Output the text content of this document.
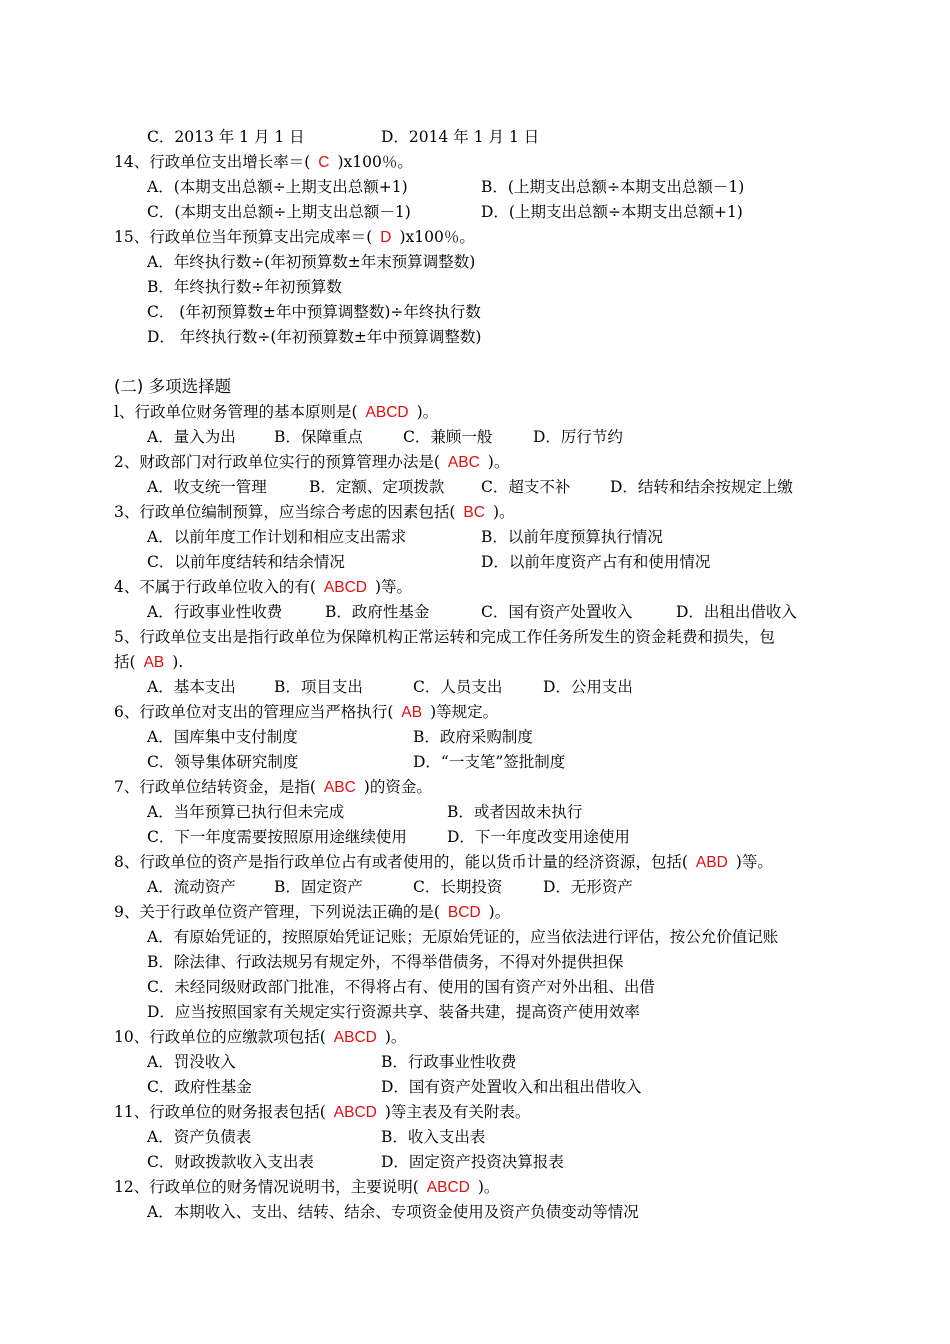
C．2013 年 1 月 1 日	D．2014 年 1 月 1 日
14、行政单位支出增长率＝( C )x100％。
A．(本期支出总额÷上期支出总额+1)	B．(上期支出总额÷本期支出总额－1)
C．(本期支出总额÷上期支出总额－1)	D．(上期支出总额÷本期支出总额+1)
15、行政单位当年预算支出完成率＝( D )x100％。
A．年终执行数÷(年初预算数±年末预算调整数)
B．年终执行数÷年初预算数
C． (年初预算数±年中预算调整数)÷年终执行数
D． 年终执行数÷(年初预算数±年中预算调整数)
(二) 多项选择题
l、行政单位财务管理的基本原则是( ABCD )。
A．量入为出 B．保障重点	C．兼顾一般	D．厉行节约
2、财政部门对行政单位实行的预算管理办法是( ABC )。
A．收支统一管理	B．定额、定项拨款 C．超支不补	D．结转和结余按规定上缴
3、行政单位编制预算，应当综合考虑的因素包括( BC )。
A．以前年度工作计划和相应支出需求	B．以前年度预算执行情况
C．以前年度结转和结余情况	D．以前年度资产占有和使用情况
4、不属于行政单位收入的有( ABCD )等。
A．行政事业性收费	B．政府性基金	C．国有资产处置收入	D．出租出借收入
5、行政单位支出是指行政单位为保障机构正常运转和完成工作任务所发生的资金耗费和损失，包
括( AB ).
A．基本支出 B．项目支出	C．人员支出	D．公用支出
6、行政单位对支出的管理应当严格执行( AB )等规定。
A．国库集中支付制度	B．政府采购制度
C．领导集体研究制度	D．“一支笔”签批制度
7、行政单位结转资金，是指( ABC )的资金。
A．当年预算已执行但未完成	B．或者因故未执行
C．下一年度需要按照原用途继续使用	D．下一年度改变用途使用
8、行政单位的资产是指行政单位占有或者使用的，能以货币计量的经济资源，包括( ABD )等。
A．流动资产 B．固定资产	C．长期投资	D．无形资产
9、关于行政单位资产管理，下列说法正确的是( BCD )。
A．有原始凭证的，按照原始凭证记账；无原始凭证的，应当依法进行评估，按公允价值记账
B．除法律、行政法规另有规定外，不得举借债务，不得对外提供担保
C．未经同级财政部门批准，不得将占有、使用的国有资产对外出租、出借
D．应当按照国家有关规定实行资源共享、装备共建，提高资产使用效率
10、行政单位的应缴款项包括( ABCD )。
A．罚没收入	B．行政事业性收费
C．政府性基金	D．国有资产处置收入和出租出借收入
11、行政单位的财务报表包括( ABCD )等主表及有关附表。
A．资产负债表	B．收入支出表
C．财政拨款收入支出表	D．固定资产投资决算报表
12、行政单位的财务情况说明书，主要说明( ABCD )。
A．本期收入、支出、结转、结余、专项资金使用及资产负债变动等情况
